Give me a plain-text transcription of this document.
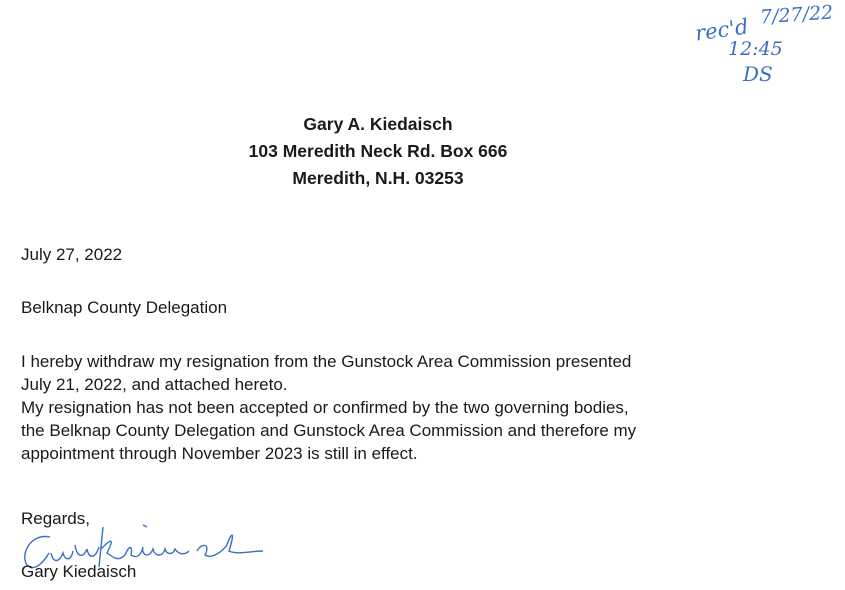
rec'd 7/27/22
12:45
DS
Gary A. Kiedaisch
103 Meredith Neck Rd. Box 666
Meredith, N.H. 03253
July 27, 2022
Belknap County Delegation
I hereby withdraw my resignation from the Gunstock Area Commission presented
July 21, 2022, and attached hereto.
My resignation has not been accepted or confirmed by the two governing bodies,
the Belknap County Delegation and Gunstock Area Commission and therefore my
appointment through November 2023 is still in effect.
Regards,
Gary Kiedaisch
